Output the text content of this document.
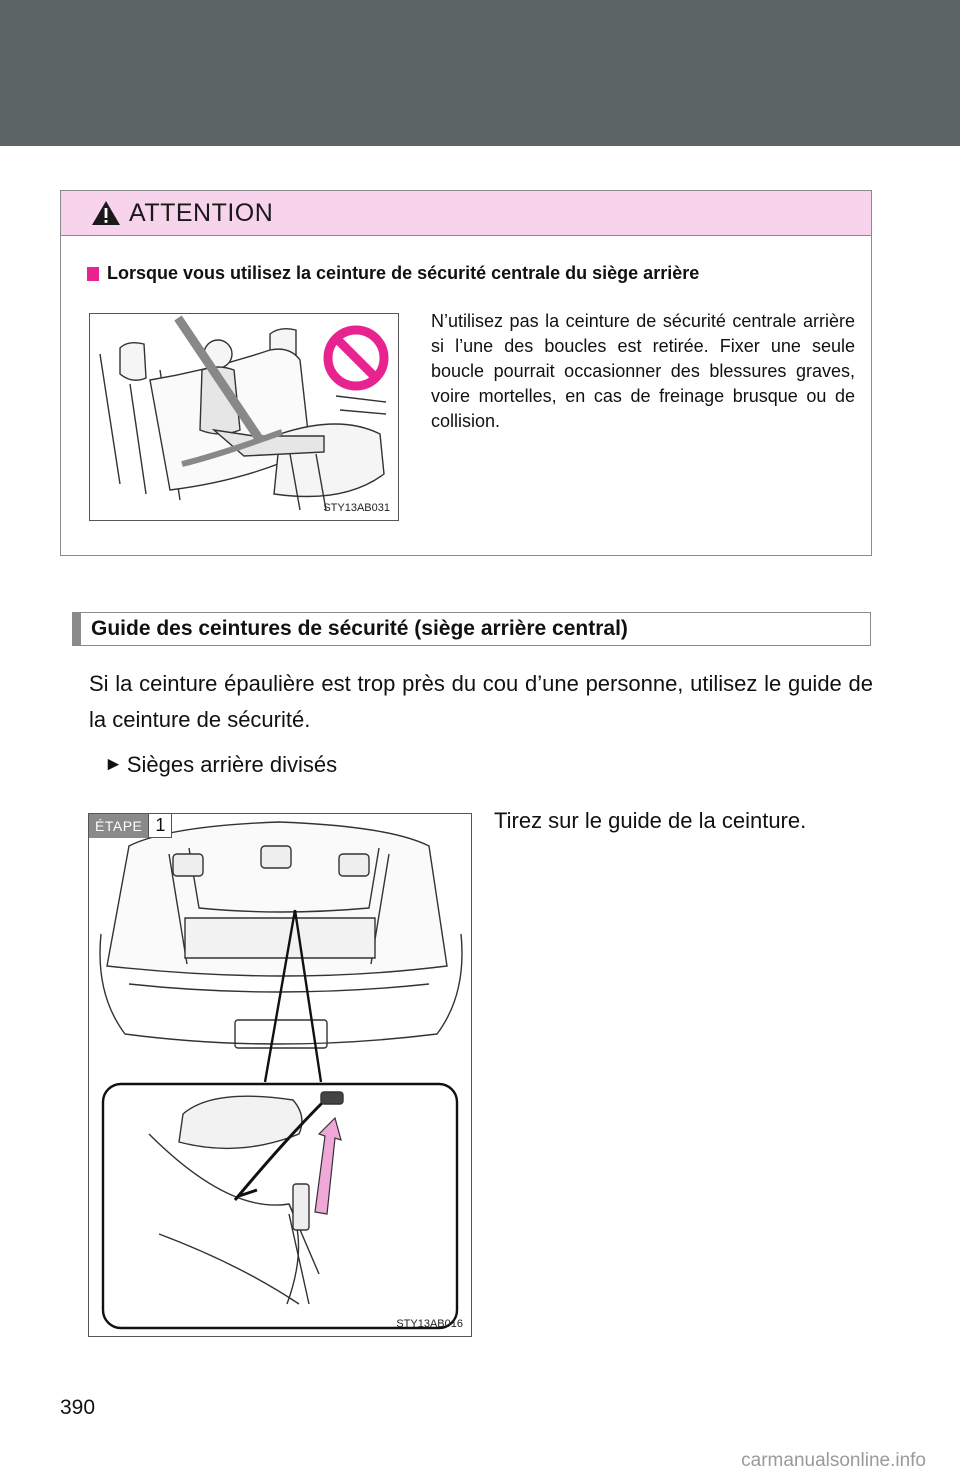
ATTENTION
Lorsque vous utilisez la ceinture de sécurité centrale du siège arrière
STY13AB031
N’utilisez pas la ceinture de sécurité centrale arrière si l’une des boucles est retirée. Fixer une seule boucle pourrait occasionner des blessures graves, voire mortelles, en cas de freinage brusque ou de collision.
Guide des ceintures de sécurité (siège arrière central)
Si la ceinture épaulière est trop près du cou d’une personne, utilisez le guide de la ceinture de sécurité.
► Sièges arrière divisés
Tirez sur le guide de la ceinture.
ÉTAPE 1
STY13AB016
390
carmanualsonline.info
